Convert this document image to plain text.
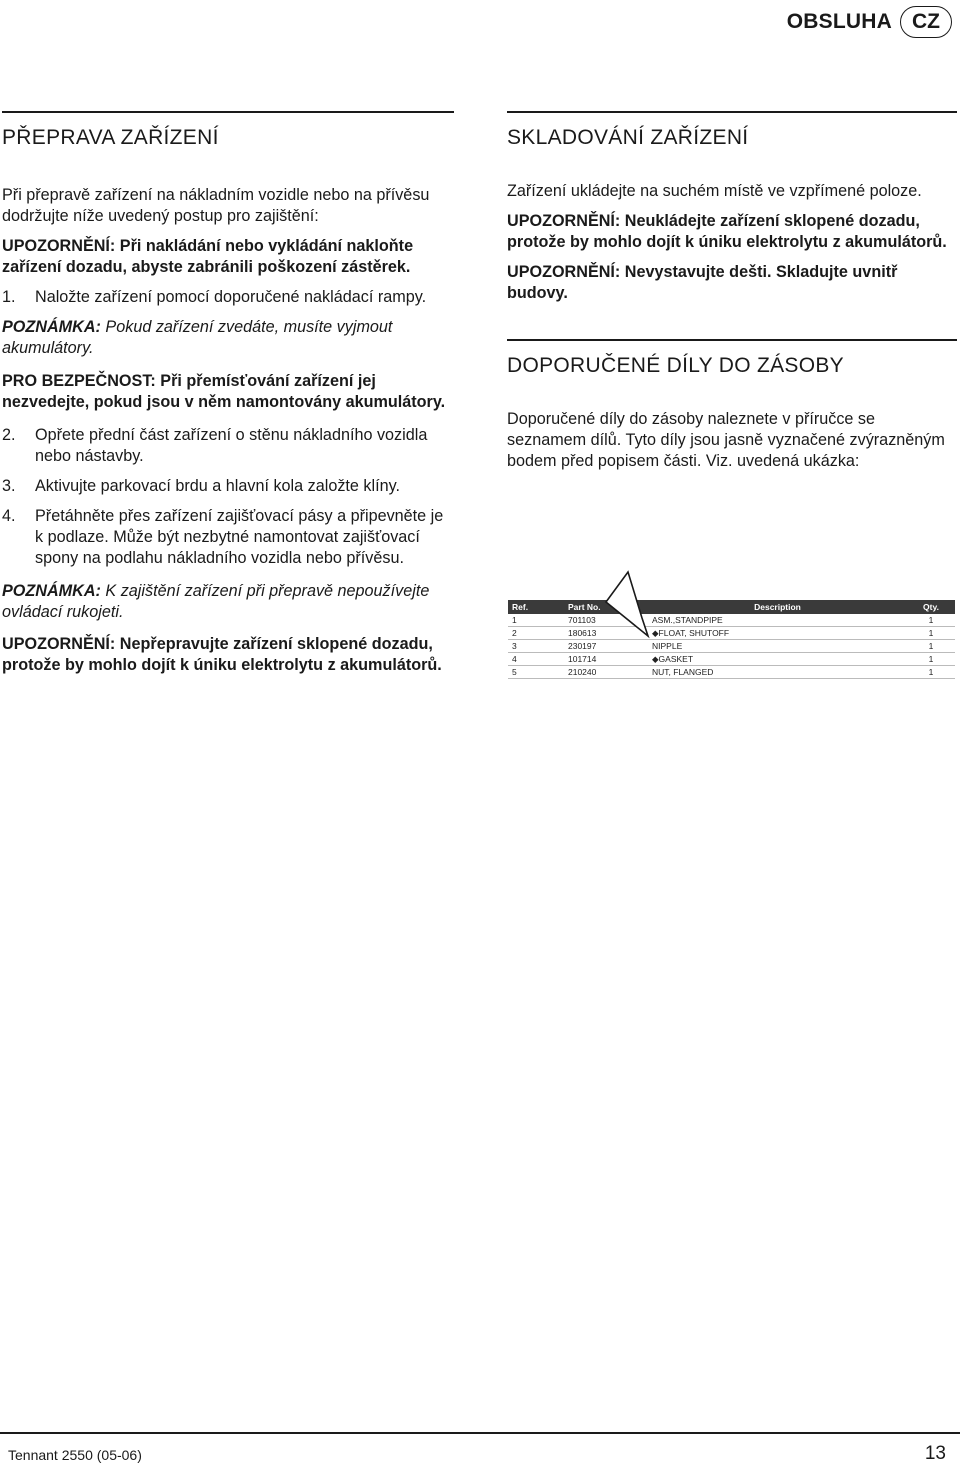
OBSLUHA CZ
PŘEPRAVA ZAŘÍZENÍ

Při přepravě zařízení na nákladním vozidle nebo na přívěsu dodržujte níže uvedený postup pro zajištění:

UPOZORNĚNÍ: Při nakládání nebo vykládání nakloňte zařízení dozadu, abyste zabránili poškození zástěrek.

1.	Naložte zařízení pomocí doporučené nakládací rampy.

POZNÁMKA: Pokud zařízení zvedáte, musíte vyjmout akumulátory.

PRO BEZPEČNOST: Při přemísťování zařízení jej nezvedejte, pokud jsou v něm namontovány akumulátory.

2.	Opřete přední část zařízení o stěnu nákladního vozidla nebo nástavby.

3.	Aktivujte parkovací brdu a hlavní kola založte klíny.

4.	Přetáhněte přes zařízení zajišťovací pásy a připevněte je k podlaze. Může být nezbytné namontovat zajišťovací spony na podlahu nákladního vozidla nebo přívěsu.

POZNÁMKA: K zajištění zařízení při přepravě nepoužívejte ovládací rukojeti.

UPOZORNĚNÍ: Nepřepravujte zařízení sklopené dozadu, protože by mohlo dojít k úniku elektrolytu z akumulátorů.

SKLADOVÁNÍ ZAŘÍZENÍ

Zařízení ukládejte na suchém místě ve vzpřímené poloze.

UPOZORNĚNÍ: Neukládejte zařízení sklopené dozadu, protože by mohlo dojít k úniku elektrolytu z akumulátorů.

UPOZORNĚNÍ: Nevystavujte dešti. Skladujte uvnitř budovy.

DOPORUČENÉ DÍLY DO ZÁSOBY

Doporučené díly do zásoby naleznete v příručce se seznamem dílů. Tyto díly jsou jasně vyznačené zvýrazněným bodem před popisem části. Viz. uvedená ukázka:

Ref.	Part No.	Description	Qty.
1	701103	ASM.,STANDPIPE	1
2	180613	◆FLOAT, SHUTOFF	1
3	230197	NIPPLE	1
4	101714	◆GASKET	1
5	210240	NUT, FLANGED	1
Tennant 2550 (05-06)	13
